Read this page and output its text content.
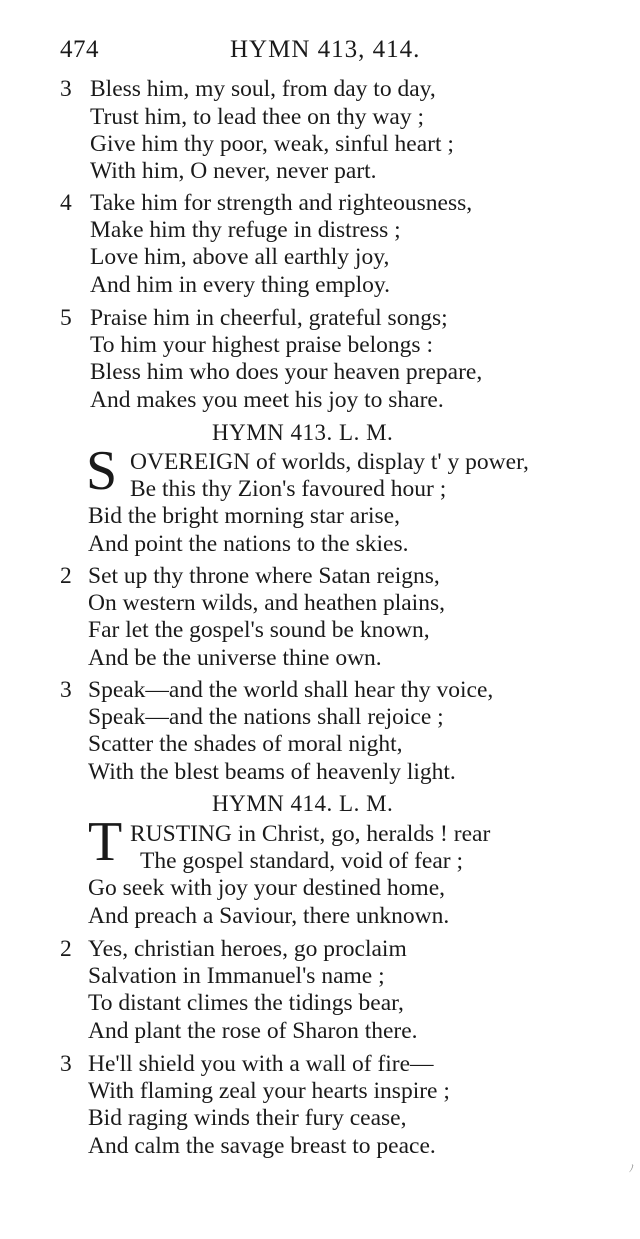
474	HYMN 413, 414.
3 Bless him, my soul, from day to day,
Trust him, to lead thee on thy way ;
Give him thy poor, weak, sinful heart ;
With him, O never, never part.
4 Take him for strength and righteousness,
Make him thy refuge in distress ;
Love him, above all earthly joy,
And him in every thing employ.
5 Praise him in cheerful, grateful songs;
To him your highest praise belongs :
Bless him who does your heaven prepare,
And makes you meet his joy to share.
HYMN 413. L. M.
S OVEREIGN of worlds, display t' y power,
Be this thy Zion's favoured hour ;
Bid the bright morning star arise,
And point the nations to the skies.
2 Set up thy throne where Satan reigns,
On western wilds, and heathen plains,
Far let the gospel's sound be known,
And be the universe thine own.
3 Speak—and the world shall hear thy voice,
Speak—and the nations shall rejoice ;
Scatter the shades of moral night,
With the blest beams of heavenly light.
HYMN 414. L. M.
T RUSTING in Christ, go, heralds ! rear
The gospel standard, void of fear ;
Go seek with joy your destined home,
And preach a Saviour, there unknown.
2 Yes, christian heroes, go proclaim
Salvation in Immanuel's name ;
To distant climes the tidings bear,
And plant the rose of Sharon there.
3 He'll shield you with a wall of fire—
With flaming zeal your hearts inspire ;
Bid raging winds their fury cease,
And calm the savage breast to peace.
ﾉ
